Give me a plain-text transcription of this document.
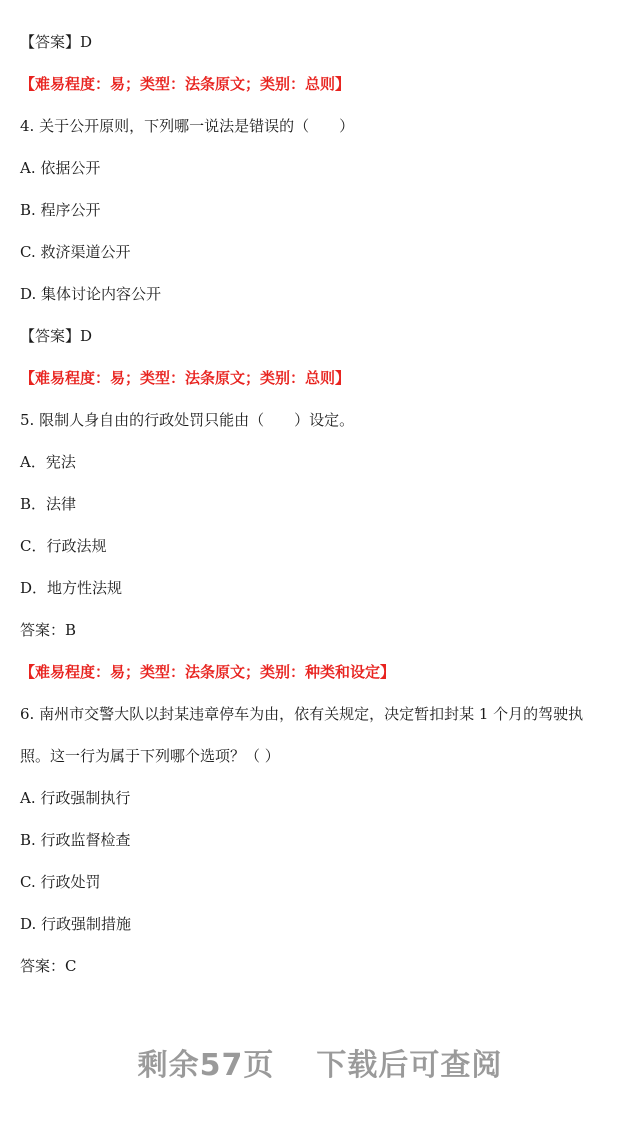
【答案】D
【难易程度：易；类型：法条原文；类别：总则】
4. 关于公开原则，下列哪一说法是错误的（　　）
A. 依据公开
B. 程序公开
C. 救济渠道公开
D. 集体讨论内容公开
【答案】D
【难易程度：易；类型：法条原文；类别：总则】
5. 限制人身自由的行政处罚只能由（　　）设定。
A．宪法
B．法律
C．行政法规
D．地方性法规
答案：B
【难易程度：易；类型：法条原文；类别：种类和设定】
6. 南州市交警大队以封某违章停车为由，依有关规定，决定暂扣封某 1 个月的驾驶执
照。这一行为属于下列哪个选项？（ ）
A. 行政强制执行
B. 行政监督检查
C. 行政处罚
D. 行政强制措施
答案：C
剩余57页 下载后可查阅
